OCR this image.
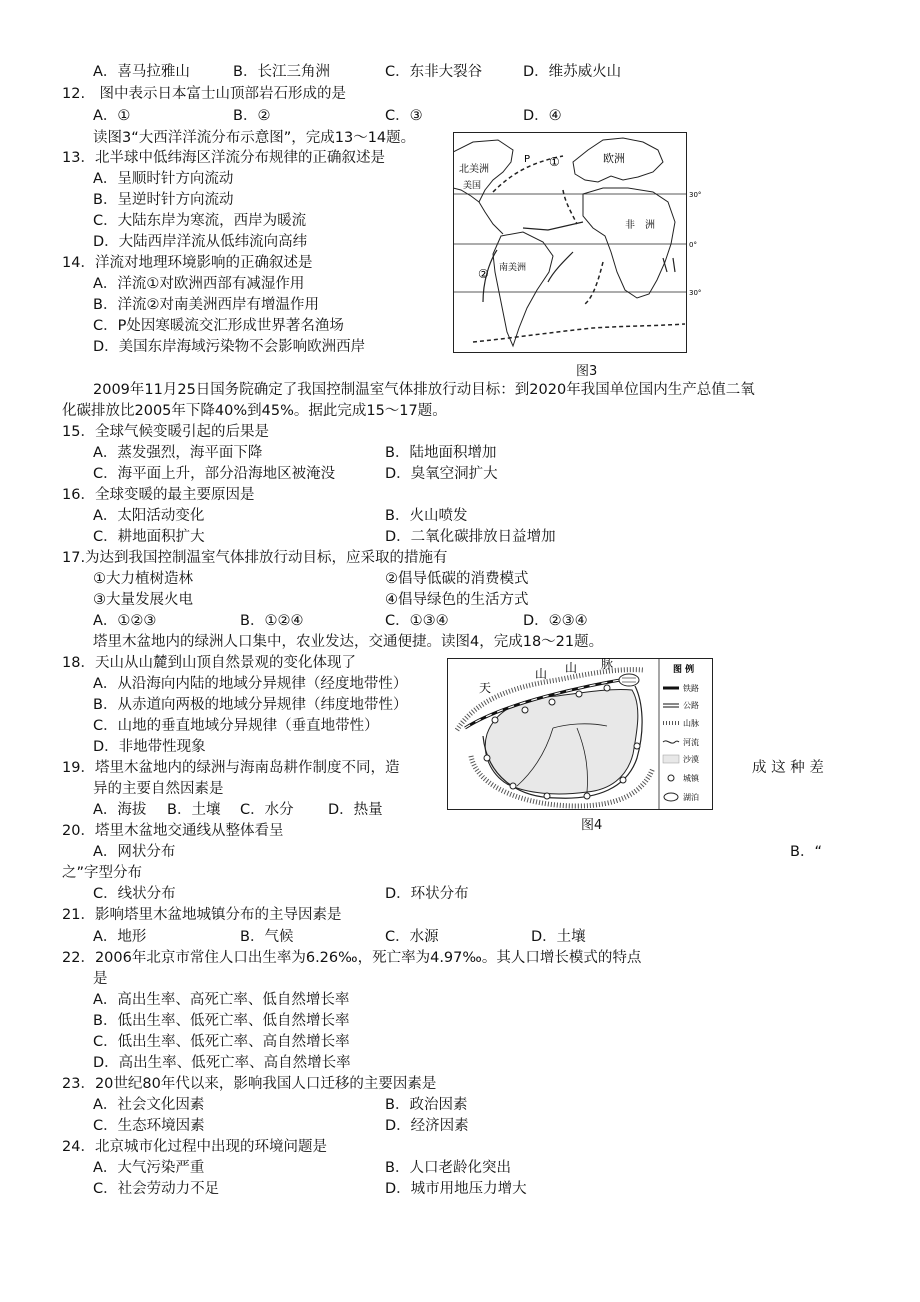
A．喜马拉雅山	B．长江三角洲	C．东非大裂谷	D．维苏威火山
12.　图中表示日本富士山顶部岩石形成的是
A．①	B．②	C．③	D．④
读图3“大西洋洋流分布示意图”，完成13～14题。
13．北半球中低纬海区洋流分布规律的正确叙述是
A．呈顺时针方向流动
B．呈逆时针方向流动
C．大陆东岸为寒流，西岸为暖流
D．大陆西岸洋流从低纬流向高纬
14．洋流对地理环境影响的正确叙述是
A．洋流①对欧洲西部有减湿作用
B．洋流②对南美洲西岸有增温作用
C．P处因寒暖流交汇形成世界著名渔场
D．美国东岸海域污染物不会影响欧洲西岸
北美洲
美国
P ①	欧洲
非　洲
南美洲
②
30°
0°
30°
图3
2009年11月25日国务院确定了我国控制温室气体排放行动目标：到2020年我国单位国内生产总值二氧
化碳排放比2005年下降40%到45%。据此完成15～17题。
15．全球气候变暖引起的后果是
A．蒸发强烈，海平面下降	B．陆地面积增加
C．海平面上升，部分沿海地区被淹没	D．臭氧空洞扩大
16．全球变暖的最主要原因是
A．太阳活动变化	B．火山喷发
C．耕地面积扩大	D．二氧化碳排放日益增加
17.为达到我国控制温室气体排放行动目标，应采取的措施有
①大力植树造林	②倡导低碳的消费模式
③大量发展火电	④倡导绿色的生活方式
A．①②③	B．①②④	C．①③④	D．②③④
塔里木盆地内的绿洲人口集中，农业发达，交通便捷。读图4，完成18～21题。
18．天山从山麓到山顶自然景观的变化体现了
A．从沿海向内陆的地域分异规律（经度地带性）
B．从赤道向两极的地域分异规律（纬度地带性）
C．山地的垂直地域分异规律（垂直地带性）
D．非地带性现象
19．塔里木盆地内的绿洲与海南岛耕作制度不同，造	成 这 种 差
异的主要自然因素是
A．海拔 B．土壤 C．水分 D．热量
天
山 山 脉	图 例
铁路
公路
山脉
河流
沙漠
城镇
湖泊
图4
20．塔里木盆地交通线从整体看呈
A．网状分布	B．“
之”字型分布
C．线状分布	D．环状分布
21．影响塔里木盆地城镇分布的主导因素是
A．地形	B．气候	C．水源	D．土壤
22．2006年北京市常住人口出生率为6.26‰，死亡率为4.97‰。其人口增长模式的特点
是
A．高出生率、高死亡率、低自然增长率
B．低出生率、低死亡率、低自然增长率
C．低出生率、低死亡率、高自然增长率
D．高出生率、低死亡率、高自然增长率
23．20世纪80年代以来，影响我国人口迁移的主要因素是
A．社会文化因素	B．政治因素
C．生态环境因素	D．经济因素
24．北京城市化过程中出现的环境问题是
A．大气污染严重	B．人口老龄化突出
C．社会劳动力不足	D．城市用地压力增大
